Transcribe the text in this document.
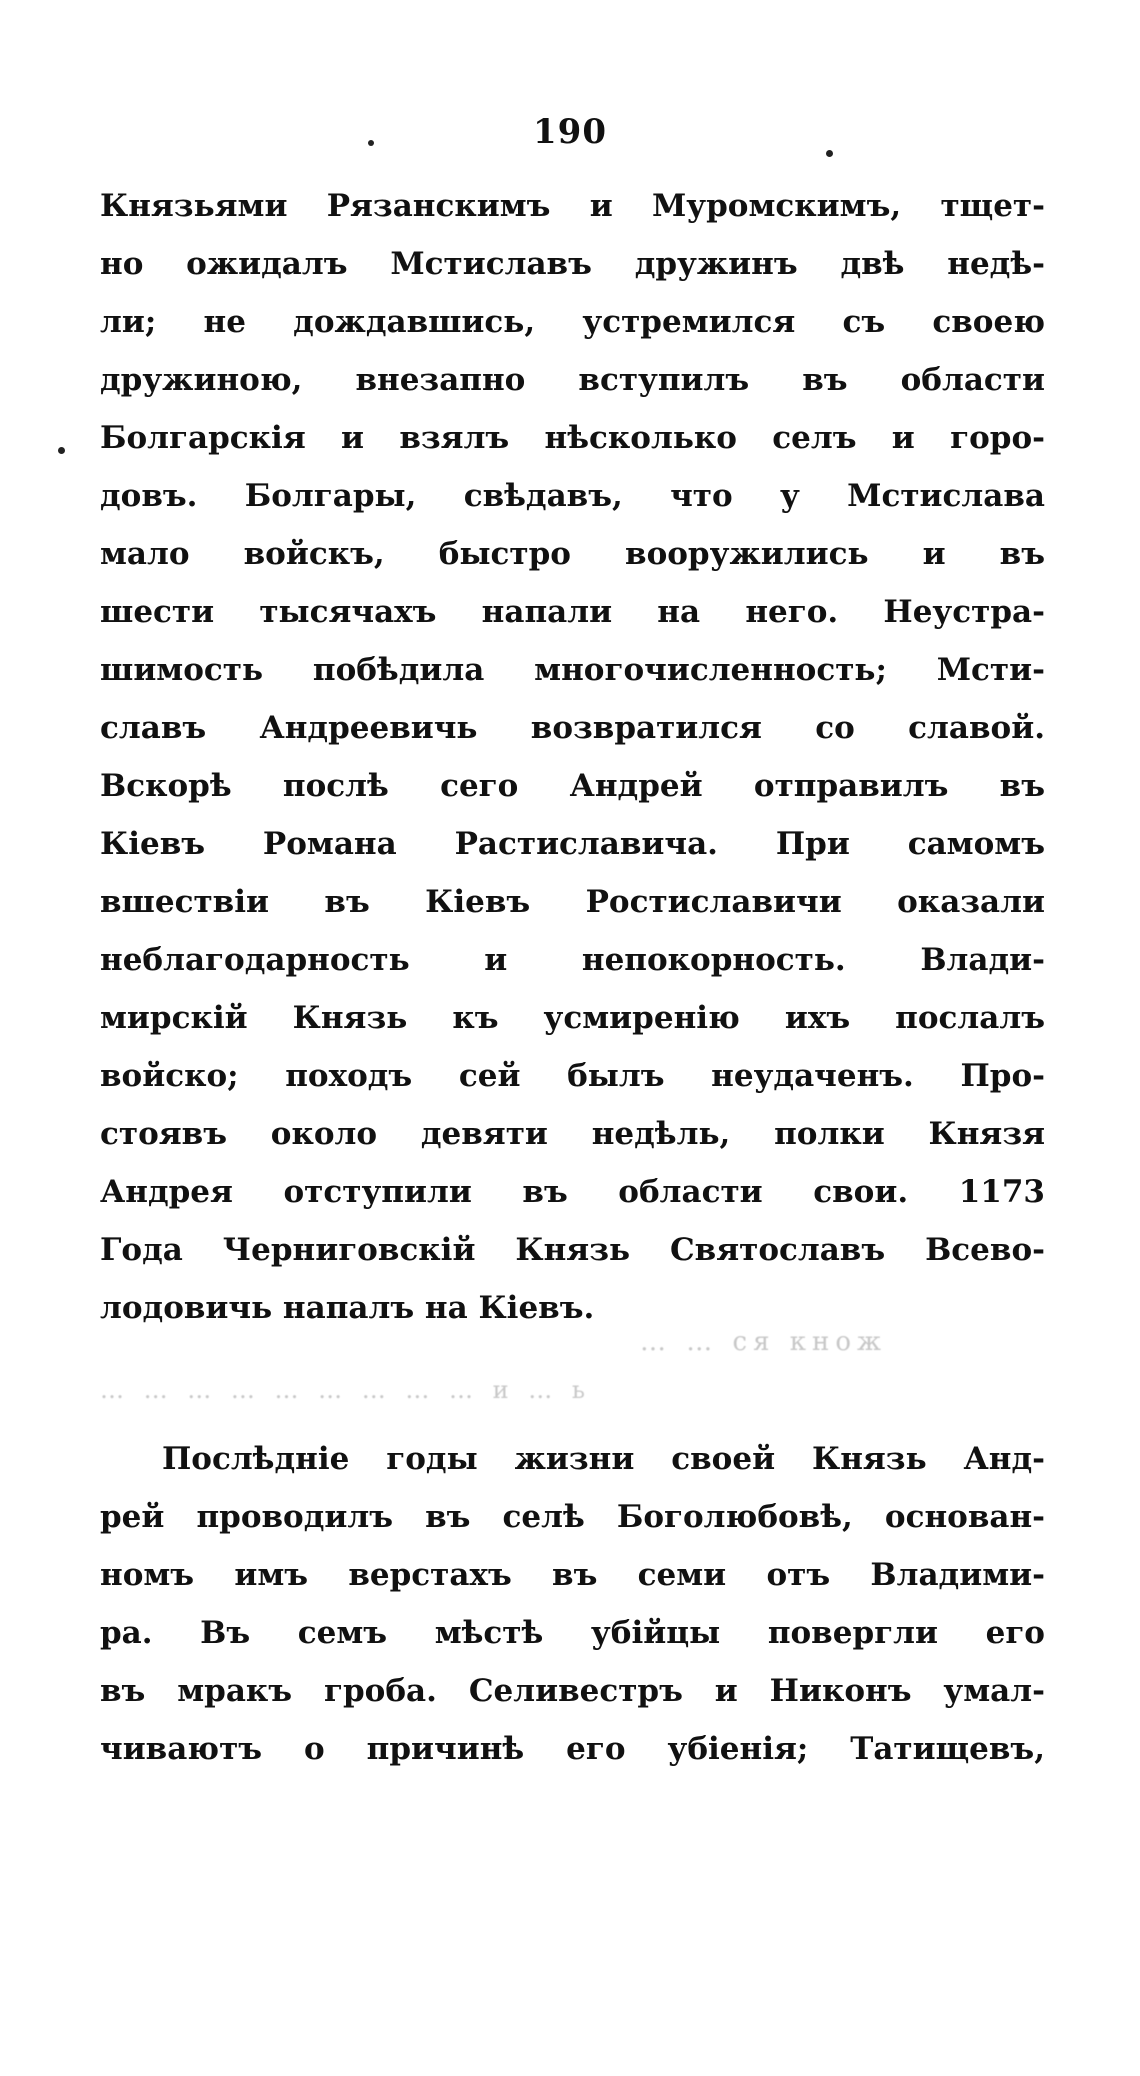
190
Князьями Рязанскимъ и Муромскимъ, тщет-
но ожидалъ Мстиславъ дружинъ двѣ недѣ-
ли; не дождавшись, устремился съ своею
дружиною, внезапно вступилъ въ области
Болгарскія и взялъ нѣсколько селъ и горо-
довъ. Болгары, свѣдавъ, что у Мстислава
мало войскъ, быстро вооружились и въ
шести тысячахъ напали на него. Неустра-
шимость побѣдила многочисленность; Мсти-
славъ Андреевичь возвратился со славой.
Вскорѣ послѣ сего Андрей отправилъ въ
Кіевъ Романа Растиславича. При самомъ
вшествіи въ Кіевъ Ростиславичи оказали
неблагодарность и непокорность. Влади-
мирскій Князь къ усмиренію ихъ послалъ
войско; походъ сей былъ неудаченъ. Про-
стоявъ около девяти недѣль, полки Князя
Андрея отступили въ области свои. 1173
Года Черниговскій Князь Святославъ Всево-
лодовичь напалъ на Кіевъ.
… … ся кнож
… … … … … … … … … и … ь
Послѣдніе годы жизни своей Князь Анд-
рей проводилъ въ селѣ Боголюбовѣ, основан-
номъ имъ верстахъ въ семи отъ Владими-
ра. Въ семъ мѣстѣ убійцы повергли его
въ мракъ гроба. Селивестръ и Никонъ умал-
чиваютъ о причинѣ его убіенія; Татищевъ,
